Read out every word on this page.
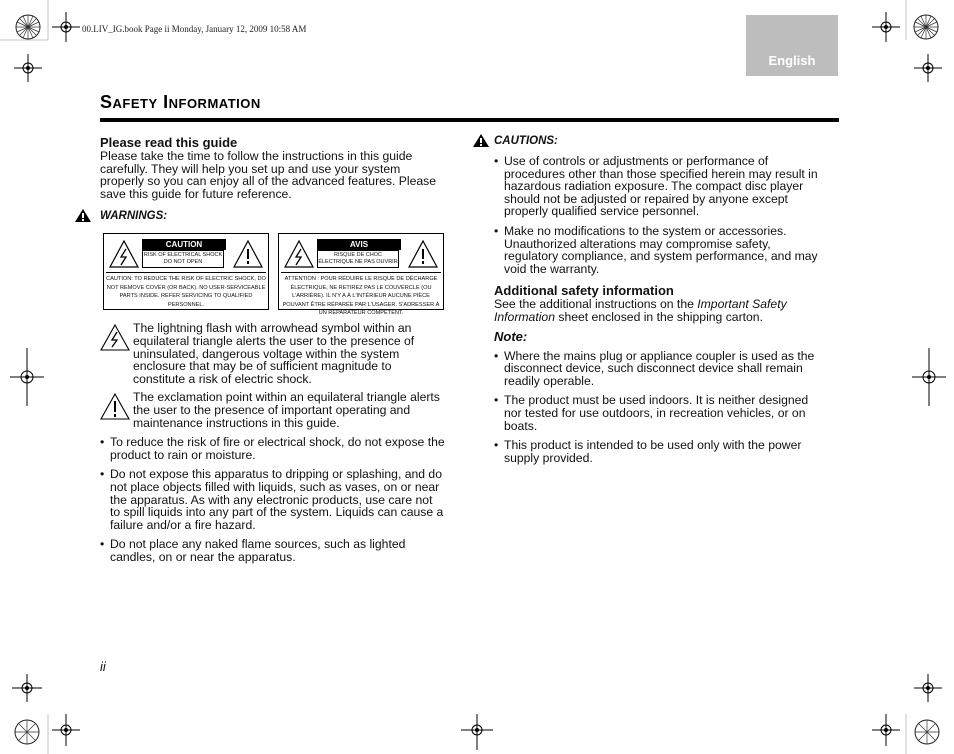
00.LIV_IG.book Page ii Monday, January 12, 2009 10:58 AM
English
Safety Information
Please read this guide

Please take the time to follow the instructions in this guide carefully. They will help you set up and use your system properly so you can enjoy all of the advanced features. Please save this guide for future reference.

WARNINGS:
CAUTION
RISK OF ELECTRICAL SHOCK DO NOT OPEN
CAUTION: TO REDUCE THE RISK OF ELECTRIC SHOCK, DO NOT REMOVE COVER (OR BACK). NO USER-SERVICEABLE PARTS INSIDE. REFER SERVICING TO QUALIFIED PERSONNEL.
AVIS
RISQUE DE CHOC ÉLECTRIQUE NE PAS OUVRIR
ATTENTION : POUR RÉDUIRE LE RISQUE DE DÉCHARGE ÉLECTRIQUE, NE RETIREZ PAS LE COUVERCLE (OU L'ARRIÈRE). IL N'Y A À L'INTÉRIEUR AUCUNE PIÈCE POUVANT ÊTRE RÉPARÉE PAR L'USAGER. S'ADRESSER À UN RÉPARATEUR COMPÉTENT.

The lightning flash with arrowhead symbol within an equilateral triangle alerts the user to the presence of uninsulated, dangerous voltage within the system enclosure that may be of sufficient magnitude to constitute a risk of electric shock.

The exclamation point within an equilateral triangle alerts the user to the presence of important operating and maintenance instructions in this guide.

• To reduce the risk of fire or electrical shock, do not expose the product to rain or moisture.
• Do not expose this apparatus to dripping or splashing, and do not place objects filled with liquids, such as vases, on or near the apparatus. As with any electronic products, use care not to spill liquids into any part of the system. Liquids can cause a failure and/or a fire hazard.
• Do not place any naked flame sources, such as lighted candles, on or near the apparatus.
CAUTIONS:
• Use of controls or adjustments or performance of procedures other than those specified herein may result in hazardous radiation exposure. The compact disc player should not be adjusted or repaired by anyone except properly qualified service personnel.
• Make no modifications to the system or accessories. Unauthorized alterations may compromise safety, regulatory compliance, and system performance, and may void the warranty.
Additional safety information

See the additional instructions on the Important Safety Information sheet enclosed in the shipping carton.

Note:
• Where the mains plug or appliance coupler is used as the disconnect device, such disconnect device shall remain readily operable.
• The product must be used indoors. It is neither designed nor tested for use outdoors, in recreation vehicles, or on boats.
• This product is intended to be used only with the power supply provided.
ii
